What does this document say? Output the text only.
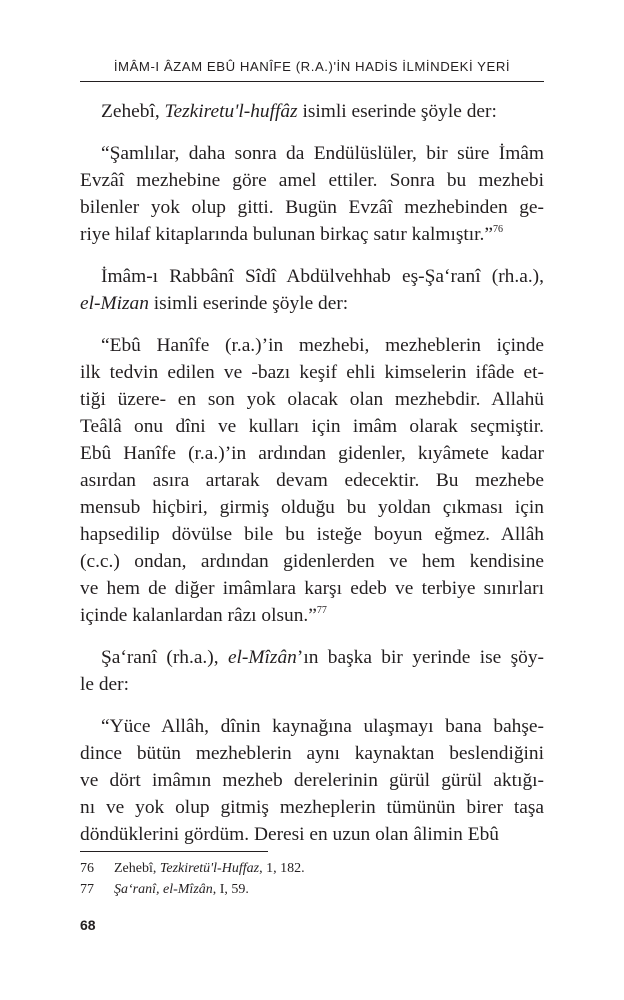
İMÂM-I ÂZAM EBÛ HANÎFE (R.A.)'İN HADİS İLMİNDEKİ YERİ
Zehebî, Tezkiretu'l-huffâz isimli eserinde şöyle der:
“Şamlılar, daha sonra da Endülüslüler, bir süre İmâm
Evzâî mezhebine göre amel ettiler. Sonra bu mezhebi
bilenler yok olup gitti. Bugün Evzâî mezhebinden ge-
riye hilaf kitaplarında bulunan birkaç satır kalmıştır.”$^{76}$
İmâm-ı Rabbânî Sîdî Abdülvehhab eş-Şa‘ranî (rh.a.),
el-Mizan isimli eserinde şöyle der:
“Ebû Hanîfe (r.a.)’in mezhebi, mezheblerin içinde
ilk tedvin edilen ve -bazı keşif ehli kimselerin ifâde et-
tiği üzere- en son yok olacak olan mezhebdir. Allahü
Teâlâ onu dîni ve kulları için imâm olarak seçmiştir.
Ebû Hanîfe (r.a.)’in ardından gidenler, kıyâmete kadar
asırdan asıra artarak devam edecektir. Bu mezhebe
mensub hiçbiri, girmiş olduğu bu yoldan çıkması için
hapsedilip dövülse bile bu isteğe boyun eğmez. Allâh
(c.c.) ondan, ardından gidenlerden ve hem kendisine
ve hem de diğer imâmlara karşı edeb ve terbiye sınırları
içinde kalanlardan râzı olsun.”$^{77}$
Şa‘ranî (rh.a.), el-Mîzân’ın başka bir yerinde ise şöy-
le der:
“Yüce Allâh, dînin kaynağına ulaşmayı bana bahşe-
dince bütün mezheblerin aynı kaynaktan beslendiğini
ve dört imâmın mezheb derelerinin gürül gürül aktığı-
nı ve yok olup gitmiş mezheplerin tümünün birer taşa
döndüklerini gördüm. Deresi en uzun olan âlimin Ebû
76 Zehebî, Tezkiretü'l-Huffaz, 1, 182.
77 Şa‘ranî, el-Mîzân, I, 59.
68
